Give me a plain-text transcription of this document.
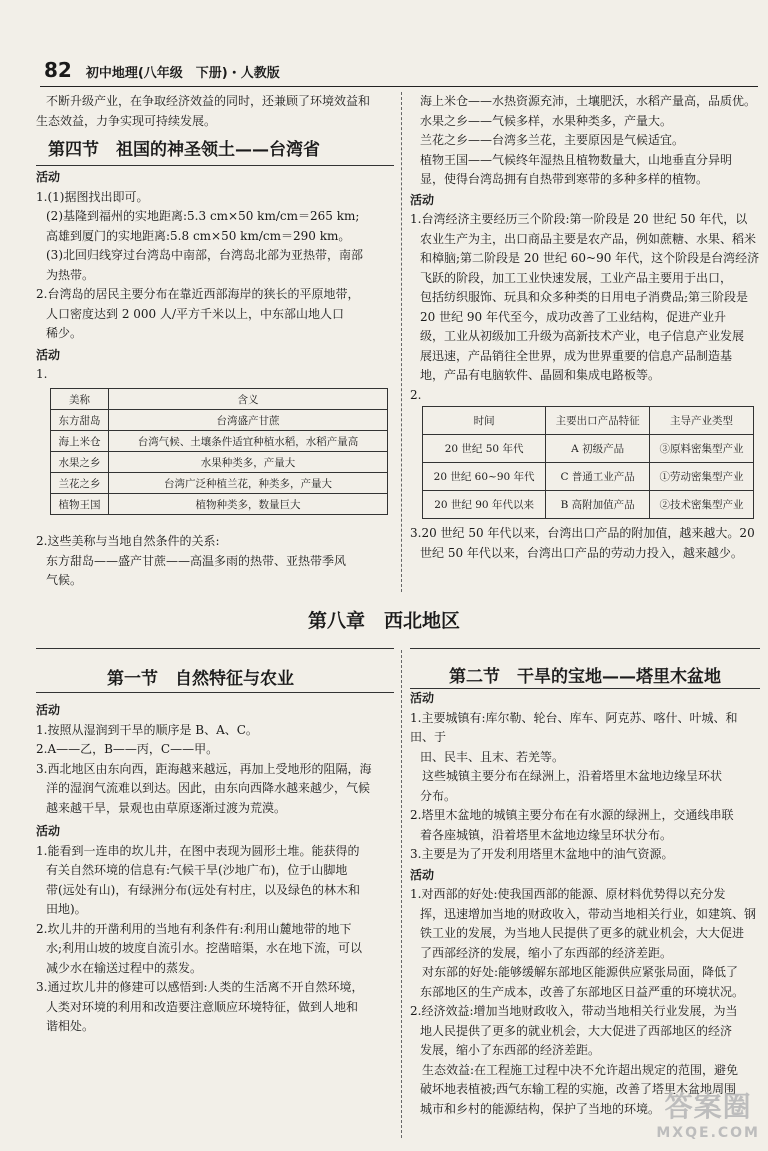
82 初中地理(八年级　下册)・人教版

不断升级产业，在争取经济效益的同时，还兼顾了环境效益和

生态效益，力争实现可持续发展。

第四节　祖国的神圣领土——台湾省
活动

1.(1)据图找出即可。

(2)基隆到福州的实地距离:5.3 cm×50 km/cm＝265 km;

高雄到厦门的实地距离:5.8 cm×50 km/cm＝290 km。

(3)北回归线穿过台湾岛中南部，台湾岛北部为亚热带，南部

为热带。

2.台湾岛的居民主要分布在靠近西部海岸的狭长的平原地带，

人口密度达到 2 000 人/平方千米以上，中东部山地人口

稀少。

活动

1.

美称	含义
东方甜岛	台湾盛产甘蔗
海上米仓	台湾气候、土壤条件适宜种植水稻，水稻产量高
水果之乡	水果种类多，产量大
兰花之乡	台湾广泛种植兰花，种类多，产量大
植物王国	植物种类多，数量巨大

2.这些美称与当地自然条件的关系:

东方甜岛——盛产甘蔗——高温多雨的热带、亚热带季风

气候。

海上米仓——水热资源充沛，土壤肥沃，水稻产量高，品质优。

水果之乡——气候多样，水果种类多，产量大。

兰花之乡——台湾多兰花，主要原因是气候适宜。

植物王国——气候终年湿热且植物数量大，山地垂直分异明

显，使得台湾岛拥有自热带到寒带的多种多样的植物。

活动

1.台湾经济主要经历三个阶段:第一阶段是 20 世纪 50 年代，以

农业生产为主，出口商品主要是农产品，例如蔗糖、水果、稻米

和樟脑;第二阶段是 20 世纪 60~90 年代，这个阶段是台湾经济

飞跃的阶段，加工工业快速发展，工业产品主要用于出口，

包括纺织服饰、玩具和众多种类的日用电子消费品;第三阶段是

20 世纪 90 年代至今，成功改善了工业结构，促进产业升

级，工业从初级加工升级为高新技术产业，电子信息产业发展

展迅速，产品销往全世界，成为世界重要的信息产品制造基

地，产品有电脑软件、晶圆和集成电路板等。

2.

时间	主要出口产品特征	主导产业类型
20 世纪 50 年代	A 初级产品	③原料密集型产业
20 世纪 60~90 年代	C 普通工业产品	①劳动密集型产业
20 世纪 90 年代以来	B 高附加值产品	②技术密集型产业

3.20 世纪 50 年代以来，台湾出口产品的附加值，越来越大。20

世纪 50 年代以来，台湾出口产品的劳动力投入，越来越少。

第八章　西北地区
第一节　自然特征与农业
活动

1.按照从湿润到干旱的顺序是 B、A、C。

2.A——乙，B——丙，C——甲。

3.西北地区由东向西，距海越来越远，再加上受地形的阻隔，海

洋的湿润气流难以到达。因此，由东向西降水越来越少，气候

越来越干旱，景观也由草原逐渐过渡为荒漠。

活动

1.能看到一连串的坎儿井，在图中表现为圆形土堆。能获得的

有关自然环境的信息有:气候干旱(沙地广布)，位于山脚地

带(远处有山)，有绿洲分布(远处有村庄，以及绿色的林木和

田地)。

2.坎儿井的开凿利用的当地有利条件有:利用山麓地带的地下

水;利用山坡的坡度自流引水。挖凿暗渠，水在地下流，可以

减少水在输送过程中的蒸发。

3.通过坎儿井的修建可以感悟到:人类的生活离不开自然环境，

人类对环境的利用和改造要注意顺应环境特征，做到人地和

谐相处。

第二节　干旱的宝地——塔里木盆地
活动

1.主要城镇有:库尔勒、轮台、库车、阿克苏、喀什、叶城、和田、于

田、民丰、且末、若羌等。

这些城镇主要分布在绿洲上，沿着塔里木盆地边缘呈环状

分布。

2.塔里木盆地的城镇主要分布在有水源的绿洲上，交通线串联

着各座城镇，沿着塔里木盆地边缘呈环状分布。

3.主要是为了开发利用塔里木盆地中的油气资源。

活动

1.对西部的好处:使我国西部的能源、原材料优势得以充分发

挥，迅速增加当地的财政收入，带动当地相关行业，如建筑、钢

铁工业的发展，为当地人民提供了更多的就业机会，大大促进

了西部经济的发展，缩小了东西部的经济差距。

对东部的好处:能够缓解东部地区能源供应紧张局面，降低了

东部地区的生产成本，改善了东部地区日益严重的环境状况。

2.经济效益:增加当地财政收入，带动当地相关行业发展，为当

地人民提供了更多的就业机会，大大促进了西部地区的经济

发展，缩小了东西部的经济差距。

生态效益:在工程施工过程中决不允许超出规定的范围，避免

破坏地表植被;西气东输工程的实施，改善了塔里木盆地周围

城市和乡村的能源结构，保护了当地的环境。 答案圈
MXQE.COM
